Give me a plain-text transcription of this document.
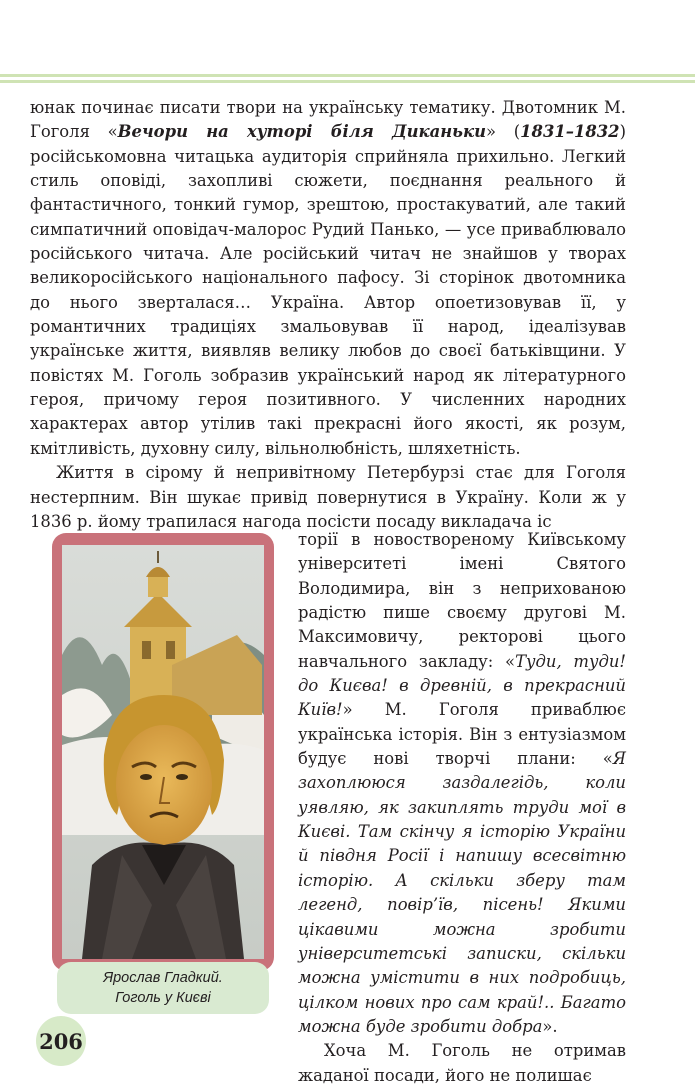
юнак починає писати твори на українську тематику. Двотомник М. Гоголя «Вечори на хуторі біля Диканьки» (1831–1832) російськомовна читацька аудиторія сприйняла прихильно. Легкий стиль оповіді, захопливі сюжети, поєднання реального й фантастичного, тонкий гумор, зрештою, простакуватий, але такий симпатичний оповідач-малорос Рудий Панько, — усе приваблювало російського читача. Але російський читач не знайшов у творах великоросійського національного пафосу. Зі сторінок двотомника до нього зверталася… Україна. Автор опоетизовував її, у романтичних традиціях змальовував її народ, ідеалізував українське життя, виявляв велику любов до своєї батьківщини. У повістях М. Гоголь зобразив український народ як літературного героя, причому героя позитивного. У численних народних характерах автор утілив такі прекрасні його якості, як розум, кмітливість, духовну силу, вільнолюбність, шляхетність.

Життя в сірому й непривітному Петербурзі стає для Гоголя нестерпним. Він шукає привід повернутися в Україну. Коли ж у 1836 р. йому трапилася нагода посісти посаду викладача іс

Ярослав Гладкий.
Гоголь у Києві

торії в новоствореному Київському університеті імені Святого Володимира, він з неприхованою радістю пише своєму другові М. Максимовичу, ректорові цього навчального закладу: «Туди, туди! до Києва! в древній, в прекрасний Київ!» М. Гоголя приваблює українська історія. Він з ентузіазмом будує нові творчі плани: «Я захоплююся заздалегідь, коли уявляю, як закиплять труди мої в Києві. Там скінчу я історію України й півдня Росії і напишу всесвітню історію. А скільки зберу там легенд, повір’їв, пісень! Якими цікавими можна зробити університетські записки, скільки можна умістити в них подробиць, цілком нових про сам край!.. Багато можна буде зробити добра».

Хоча М. Гоголь не отримав жаданої посади, його не полишає

206
